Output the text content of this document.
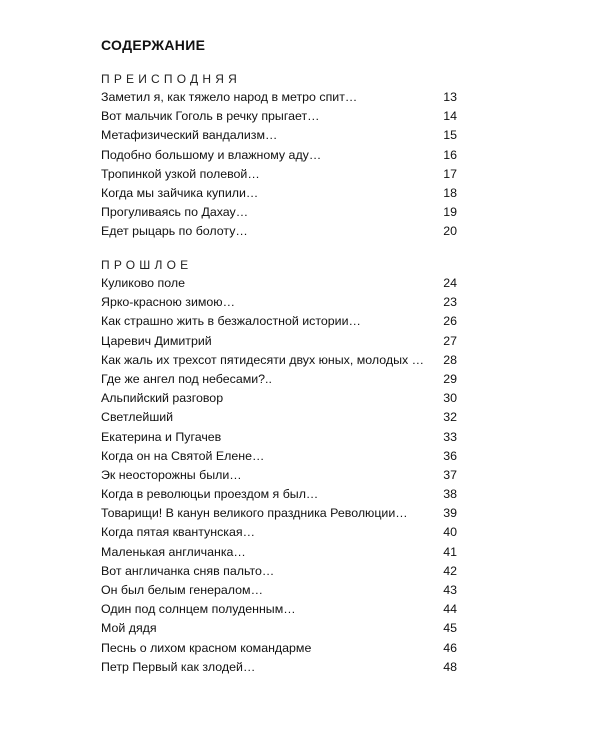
СОДЕРЖАНИЕ
ПРЕИСПОДНЯЯ
Заметил я, как тяжело народ в метро спит…	13
Вот мальчик Гоголь в речку прыгает…	14
Метафизический вандализм…	15
Подобно большому и влажному аду…	16
Тропинкой узкой полевой…	17
Когда мы зайчика купили…	18
Прогуливаясь по Дахау…	19
Едет рыцарь по болоту…	20
ПРОШЛОЕ
Куликово поле	24
Ярко-красною зимою…	23
Как страшно жить в безжалостной истории…	26
Царевич Димитрий	27
Как жаль их трехсот пятидесяти двух юных, молодых …	28
Где же ангел под небесами?..	29
Альпийский разговор	30
Светлейший	32
Екатерина и Пугачев	33
Когда он на Святой Елене…	36
Эк неосторожны были…	37
Когда в революцьи проездом я был…	38
Товарищи! В канун великого праздника Революции…	39
Когда пятая квантунская…	40
Маленькая англичанка…	41
Вот англичанка сняв пальто…	42
Он был белым генералом…	43
Один под солнцем полуденным…	44
Мой дядя	45
Песнь о лихом красном командарме	46
Петр Первый как злодей…	48
